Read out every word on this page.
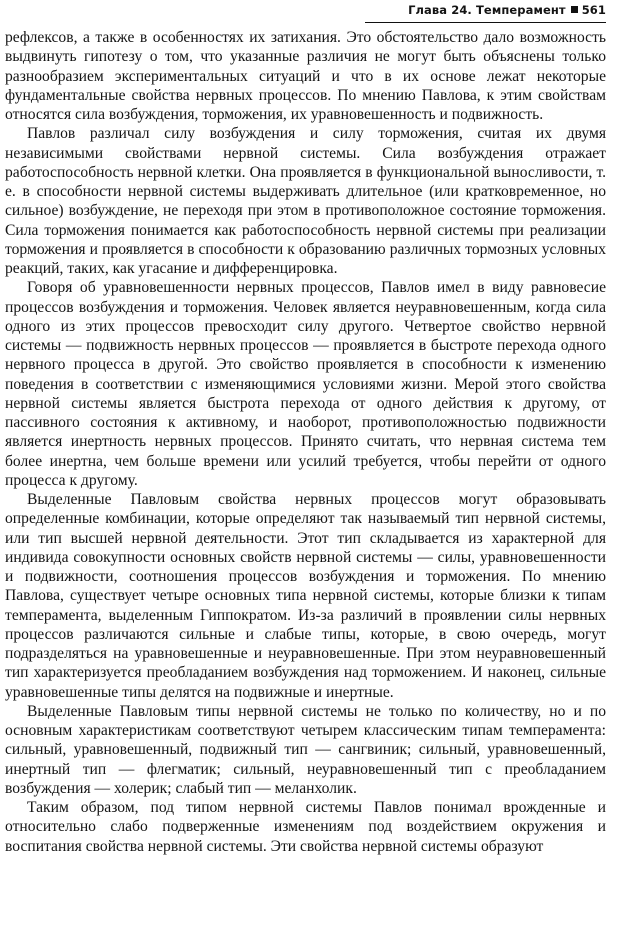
Глава 24. Темперамент 561

рефлексов, а также в особенностях их затихания. Это обстоятельство дало возможность выдвинуть гипотезу о том, что указанные различия не могут быть объяснены только разнообразием экспериментальных ситуаций и что в их основе лежат некоторые фундаментальные свойства нервных процессов. По мнению Павлова, к этим свойствам относятся сила возбуждения, торможения, их уравновешенность и подвижность.

Павлов различал силу возбуждения и силу торможения, считая их двумя независимыми свойствами нервной системы. Сила возбуждения отражает работоспособность нервной клетки. Она проявляется в функциональной выносливости, т. е. в способности нервной системы выдерживать длительное (или кратковременное, но сильное) возбуждение, не переходя при этом в противоположное состояние торможения. Сила торможения понимается как работоспособность нервной системы при реализации торможения и проявляется в способности к образованию различных тормозных условных реакций, таких, как угасание и дифференцировка.

Говоря об уравновешенности нервных процессов, Павлов имел в виду равновесие процессов возбуждения и торможения. Человек является неуравновешенным, когда сила одного из этих процессов превосходит силу другого. Четвертое свойство нервной системы — подвижность нервных процессов — проявляется в быстроте перехода одного нервного процесса в другой. Это свойство проявляется в способности к изменению поведения в соответствии с изменяющимися условиями жизни. Мерой этого свойства нервной системы является быстрота перехода от одного действия к другому, от пассивного состояния к активному, и наоборот, противоположностью подвижности является инертность нервных процессов. Принято считать, что нервная система тем более инертна, чем больше времени или усилий требуется, чтобы перейти от одного процесса к другому.

Выделенные Павловым свойства нервных процессов могут образовывать определенные комбинации, которые определяют так называемый тип нервной системы, или тип высшей нервной деятельности. Этот тип складывается из характерной для индивида совокупности основных свойств нервной системы — силы, уравновешенности и подвижности, соотношения процессов возбуждения и торможения. По мнению Павлова, существует четыре основных типа нервной системы, которые близки к типам темперамента, выделенным Гиппократом. Из-за различий в проявлении силы нервных процессов различаются сильные и слабые типы, которые, в свою очередь, могут подразделяться на уравновешенные и неуравновешенные. При этом неуравновешенный тип характеризуется преобладанием возбуждения над торможением. И наконец, сильные уравновешенные типы делятся на подвижные и инертные.

Выделенные Павловым типы нервной системы не только по количеству, но и по основным характеристикам соответствуют четырем классическим типам темперамента: сильный, уравновешенный, подвижный тип — сангвиник; сильный, уравновешенный, инертный тип — флегматик; сильный, неуравновешенный тип с преобладанием возбуждения — холерик; слабый тип — меланхолик.

Таким образом, под типом нервной системы Павлов понимал врожденные и относительно слабо подверженные изменениям под воздействием окружения и воспитания свойства нервной системы. Эти свойства нервной системы образуют
